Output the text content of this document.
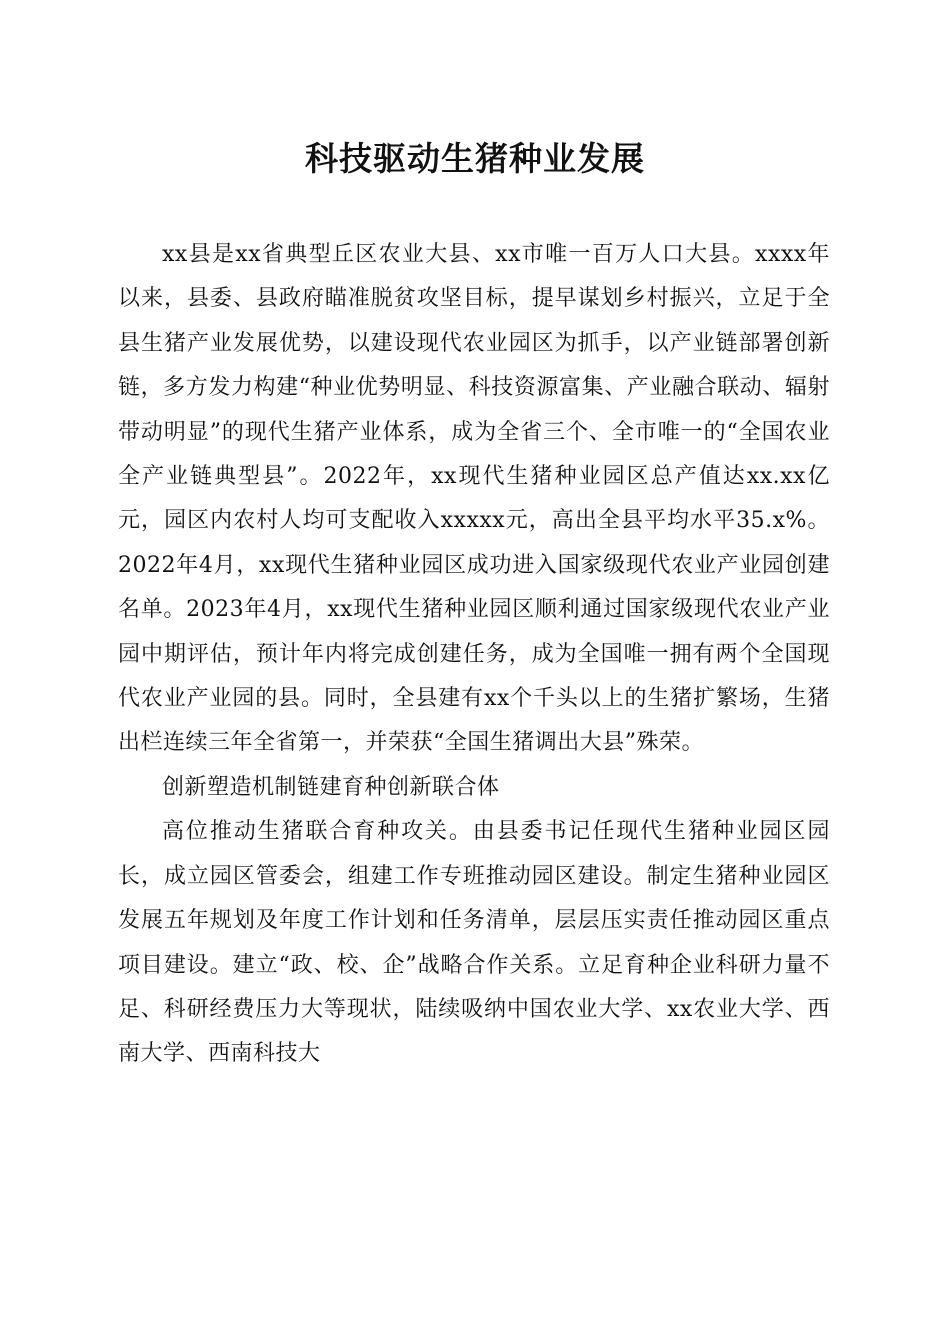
科技驱动生猪种业发展

xx县是xx省典型丘区农业大县、xx市唯一百万人口大县。xxxx年以来，县委、县政府瞄准脱贫攻坚目标，提早谋划乡村振兴，立足于全县生猪产业发展优势，以建设现代农业园区为抓手，以产业链部署创新链，多方发力构建“种业优势明显、科技资源富集、产业融合联动、辐射带动明显”的现代生猪产业体系，成为全省三个、全市唯一的“全国农业全产业链典型县”。2022年，xx现代生猪种业园区总产值达xx.xx亿元，园区内农村人均可支配收入xxxxx元，高出全县平均水平35.x%。2022年4月，xx现代生猪种业园区成功进入国家级现代农业产业园创建名单。2023年4月，xx现代生猪种业园区顺利通过国家级现代农业产业园中期评估，预计年内将完成创建任务，成为全国唯一拥有两个全国现代农业产业园的县。同时，全县建有xx个千头以上的生猪扩繁场，生猪出栏连续三年全省第一，并荣获“全国生猪调出大县”殊荣。

创新塑造机制链建育种创新联合体

高位推动生猪联合育种攻关。由县委书记任现代生猪种业园区园长，成立园区管委会，组建工作专班推动园区建设。制定生猪种业园区发展五年规划及年度工作计划和任务清单，层层压实责任推动园区重点项目建设。建立“政、校、企”战略合作关系。立足育种企业科研力量不足、科研经费压力大等现状，陆续吸纳中国农业大学、xx农业大学、西南大学、西南科技大
